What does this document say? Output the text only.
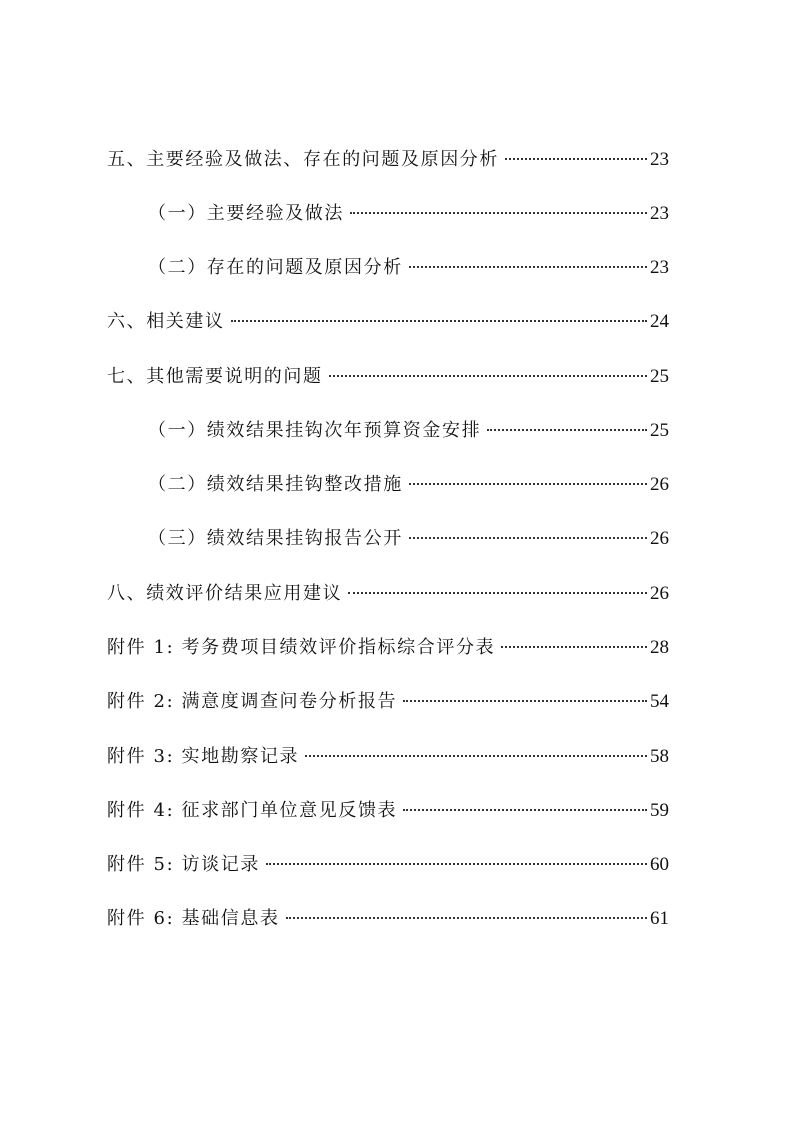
五、主要经验及做法、存在的问题及原因分析	23
（一）主要经验及做法	23
（二）存在的问题及原因分析	23
六、相关建议	24
七、其他需要说明的问题	25
（一）绩效结果挂钩次年预算资金安排	25
（二）绩效结果挂钩整改措施	26
（三）绩效结果挂钩报告公开	26
八、绩效评价结果应用建议	26
附件 1: 考务费项目绩效评价指标综合评分表	28
附件 2: 满意度调查问卷分析报告	54
附件 3: 实地勘察记录	58
附件 4: 征求部门单位意见反馈表	59
附件 5: 访谈记录	60
附件 6: 基础信息表	61
